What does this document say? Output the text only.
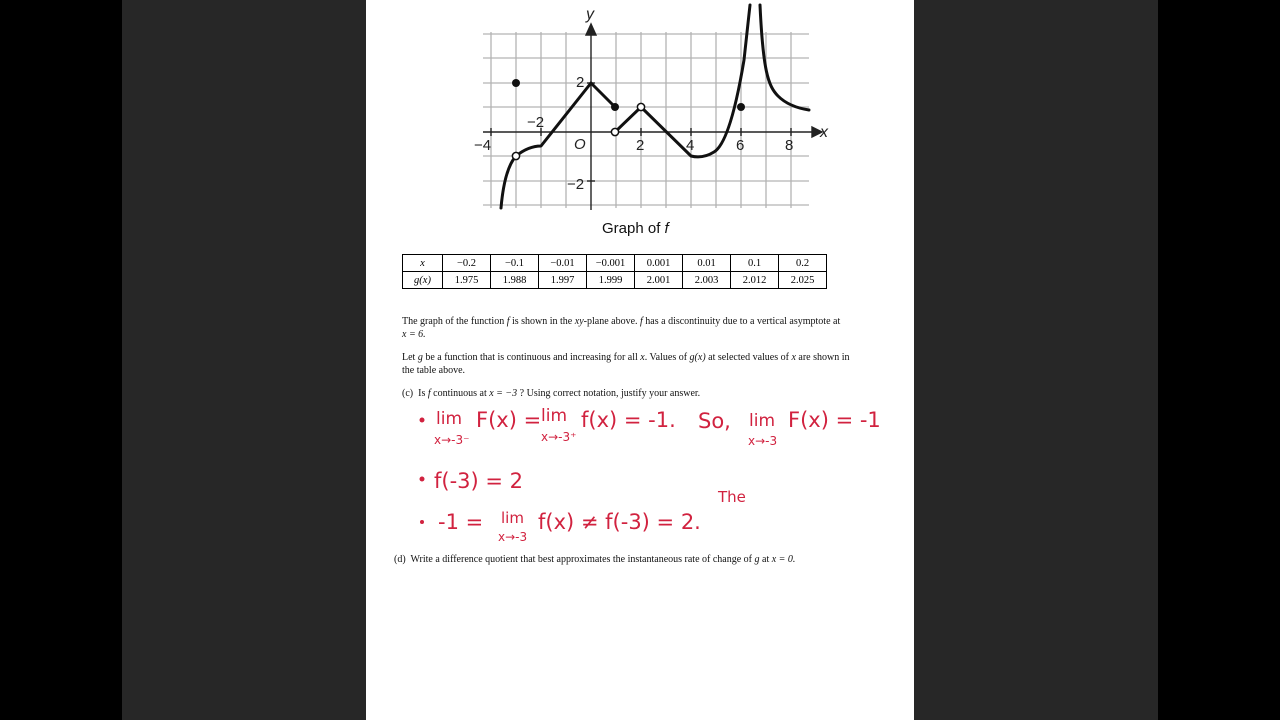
y
x
O
−4
−2
2	4	6	8
2
−2
Graph of f
x	−0.2	−0.1	−0.01	−0.001	0.001	0.01	0.1	0.2
g(x)	1.975	1.988	1.997	1.999	2.001	2.003	2.012	2.025
The graph of the function f is shown in the xy-plane above. f has a discontinuity due to a vertical asymptote at
x = 6.
Let g be a function that is continuous and increasing for all x. Values of g(x) at selected values of x are shown in
the table above.
(c) Is f continuous at x = −3 ? Using correct notation, justify your answer.
lim
x→-3⁻
F(x) = lim
x→-3⁺
f(x) = -1. So, lim
x→-3
F(x) = -1
f(-3) = 2
The
-1 = lim
x→-3
f(x) ≠ f(-3) = 2.
(d) Write a difference quotient that best approximates the instantaneous rate of change of g at x = 0.
